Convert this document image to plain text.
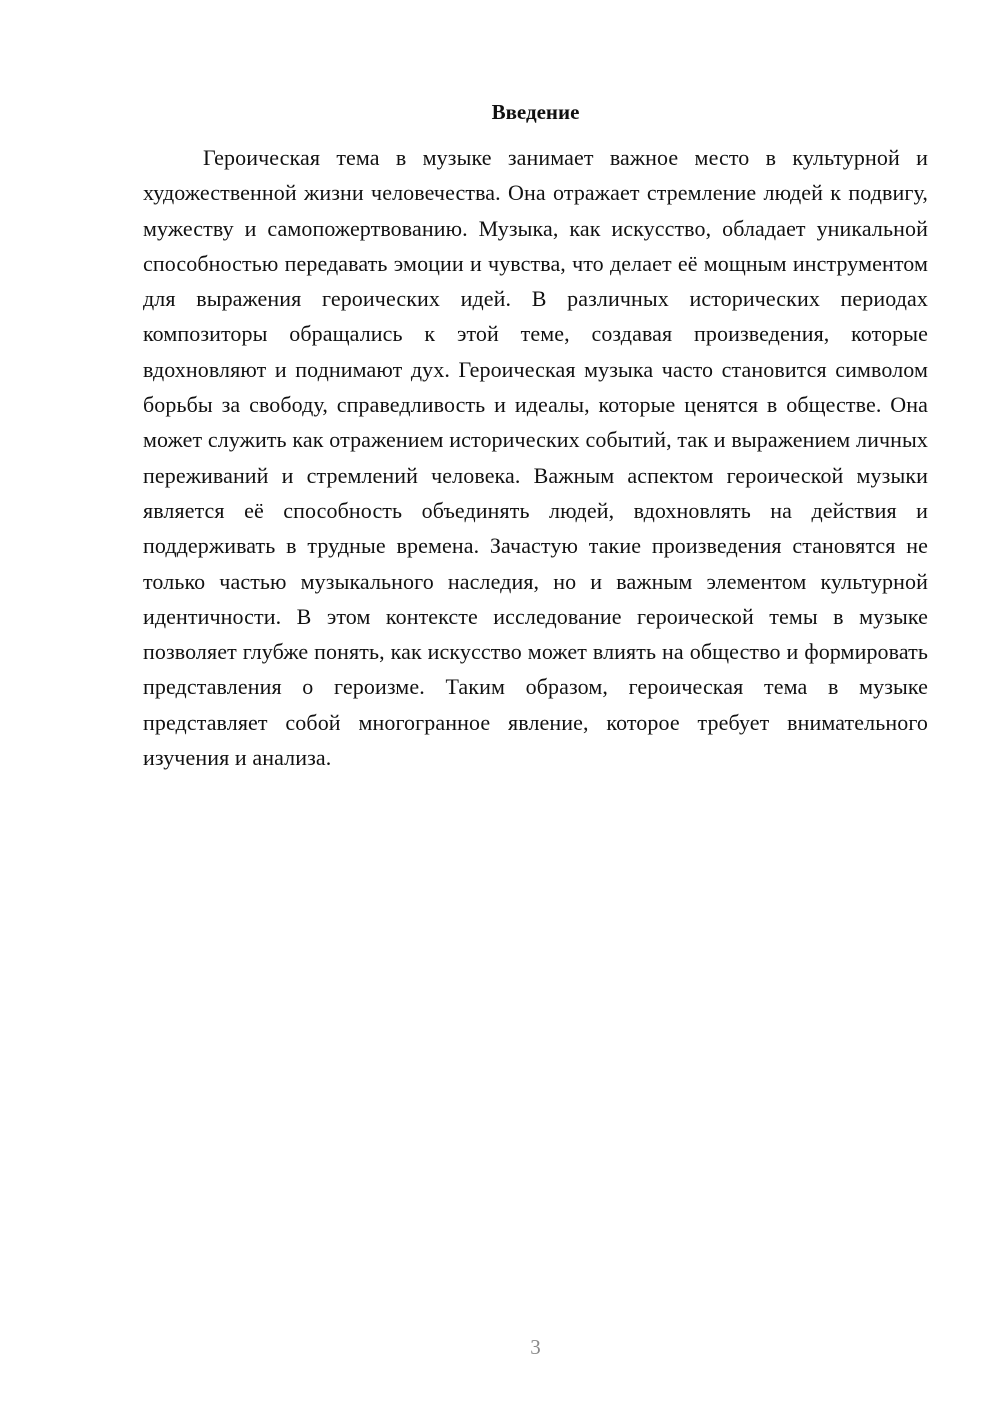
Введение

Героическая тема в музыке занимает важное место в культурной и художественной жизни человечества. Она отражает стремление людей к подвигу, мужеству и самопожертвованию. Музыка, как искусство, обладает уникальной способностью передавать эмоции и чувства, что делает её мощным инструментом для выражения героических идей. В различных исторических периодах композиторы обращались к этой теме, создавая произведения, которые вдохновляют и поднимают дух. Героическая музыка часто становится символом борьбы за свободу, справедливость и идеалы, которые ценятся в обществе. Она может служить как отражением исторических событий, так и выражением личных переживаний и стремлений человека. Важным аспектом героической музыки является её способность объединять людей, вдохновлять на действия и поддерживать в трудные времена. Зачастую такие произведения становятся не только частью музыкального наследия, но и важным элементом культурной идентичности. В этом контексте исследование героической темы в музыке позволяет глубже понять, как искусство может влиять на общество и формировать представления о героизме. Таким образом, героическая тема в музыке представляет собой многогранное явление, которое требует внимательного изучения и анализа.

3
